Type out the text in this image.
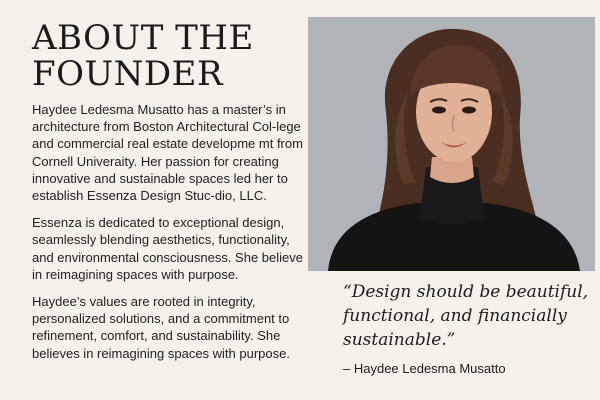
ABOUT THE
FOUNDER

Haydee Ledesma Musatto has a master’s in architecture from Boston Architectural Col-lege and commercial real estate developme mt from Cornell Univeraity. Her passion for creating innovative and sustainable spaces led her to establish Essenza Design Stuc-dio, LLC.

Essenza is dedicated to exceptional design, seamlessly blending aesthetics, functionality, and environmental consciousness. She believe in reimagining spaces with purpose.

Haydee’s values are rooted in integrity, personalized solutions, and a commitment to refinement, comfort, and sustainability. She believes in reimagining spaces with purpose.

“Design should be beautiful,
functional, and financially
sustainable.”
– Haydee Ledesma Musatto
